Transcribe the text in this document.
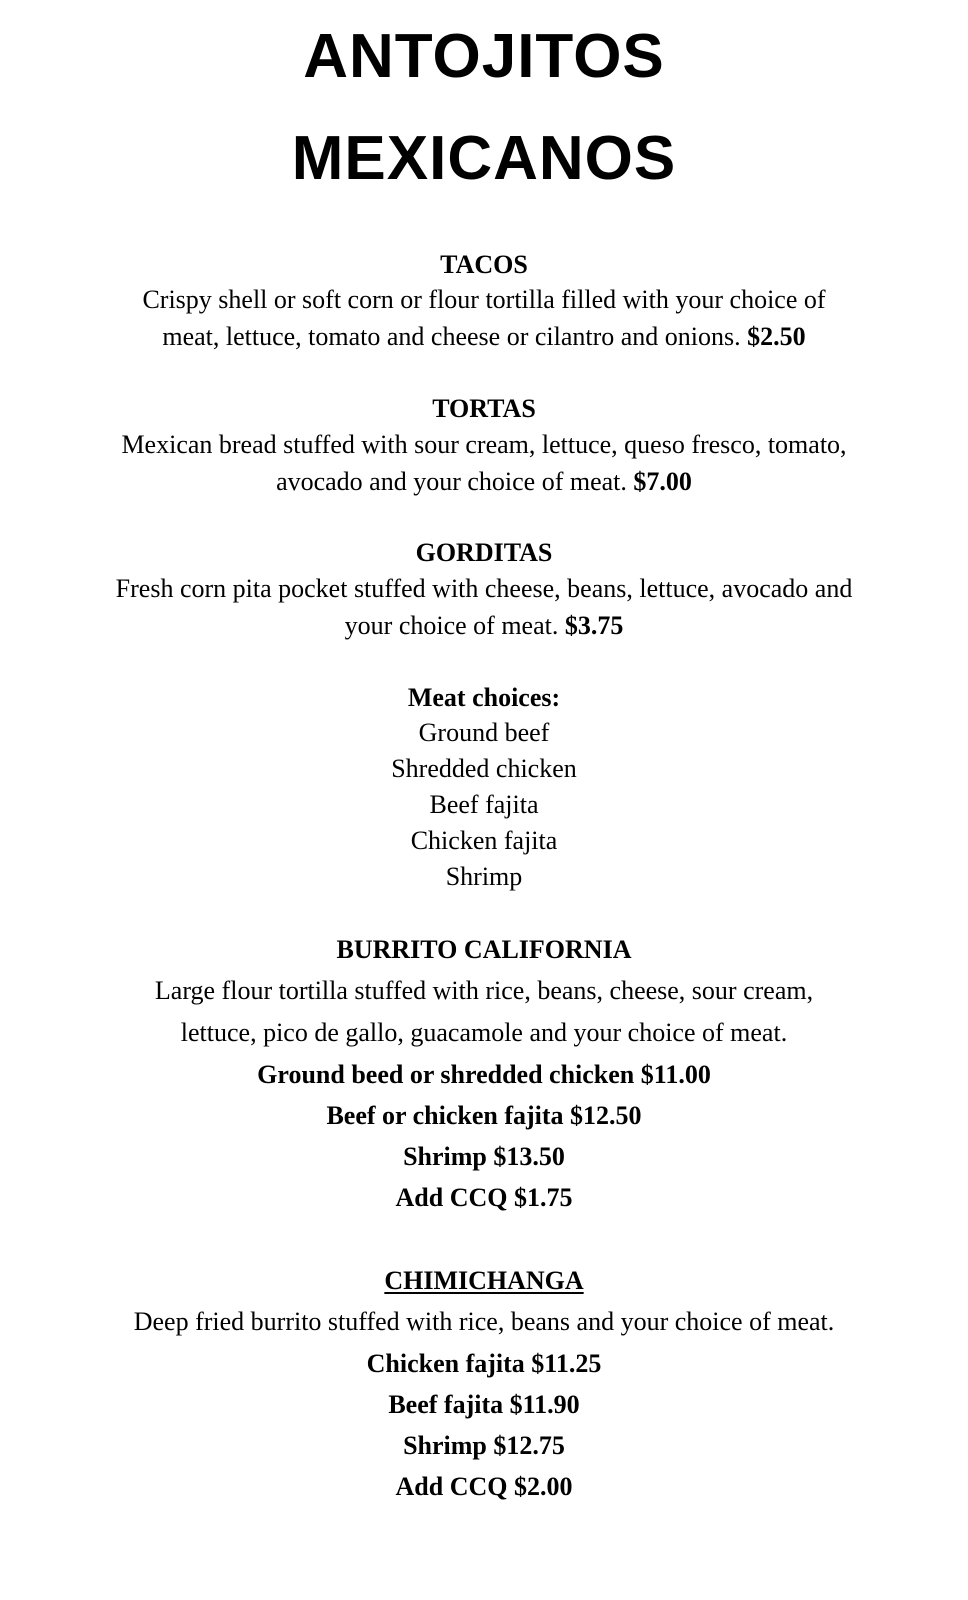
ANTOJITOS
MEXICANOS
TACOS
Crispy shell or soft corn or flour tortilla filled with your choice of
meat, lettuce, tomato and cheese or cilantro and onions. $2.50
TORTAS
Mexican bread stuffed with sour cream, lettuce, queso fresco, tomato,
avocado and your choice of meat. $7.00
GORDITAS
Fresh corn pita pocket stuffed with cheese, beans, lettuce, avocado and
your choice of meat. $3.75
Meat choices:
Ground beef
Shredded chicken
Beef fajita
Chicken fajita
Shrimp
BURRITO CALIFORNIA
Large flour tortilla stuffed with rice, beans, cheese, sour cream,
lettuce, pico de gallo, guacamole and your choice of meat.
Ground beed or shredded chicken $11.00
Beef or chicken fajita $12.50
Shrimp $13.50
Add CCQ $1.75
CHIMICHANGA
Deep fried burrito stuffed with rice, beans and your choice of meat.
Chicken fajita $11.25
Beef fajita $11.90
Shrimp $12.75
Add CCQ $2.00
